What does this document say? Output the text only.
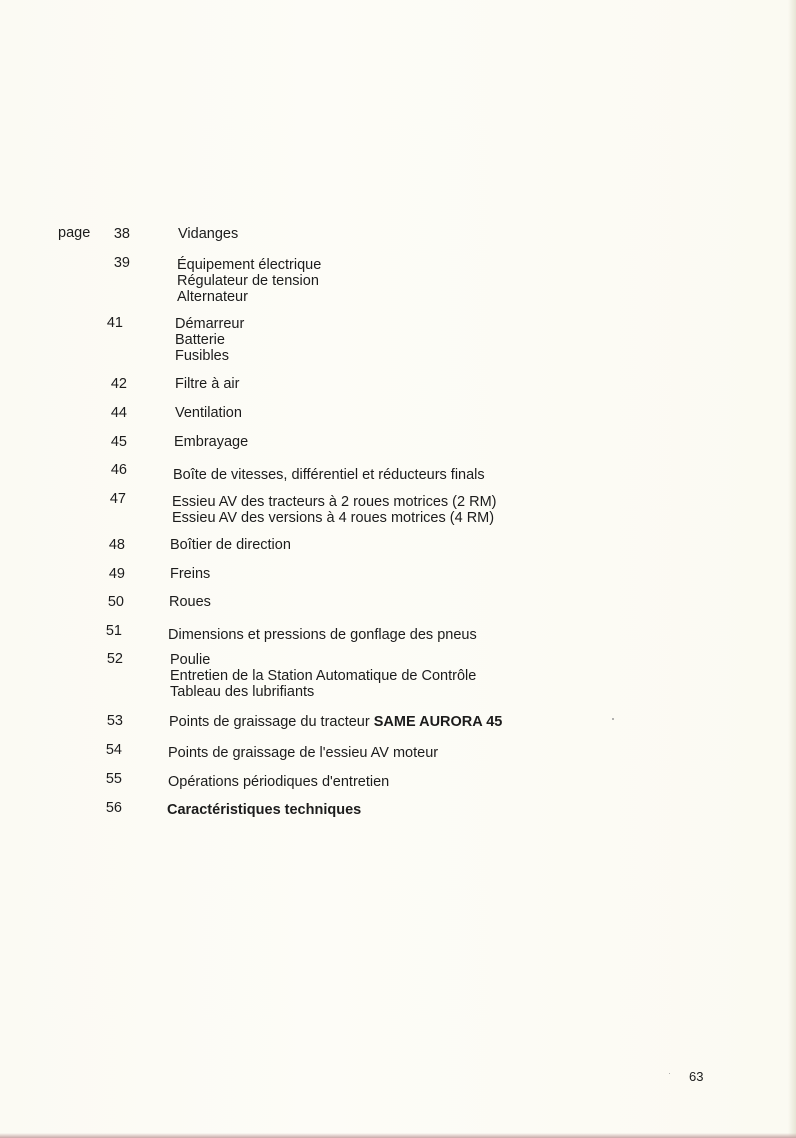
page	38	Vidanges
39	Équipement électrique
Régulateur de tension
Alternateur
41	Démarreur
Batterie
Fusibles
42	Filtre à air
44	Ventilation
45	Embrayage
46	Boîte de vitesses, différentiel et réducteurs finals
47	Essieu AV des tracteurs à 2 roues motrices (2 RM)
Essieu AV des versions à 4 roues motrices (4 RM)
48	Boîtier de direction
49	Freins
50	Roues
51	Dimensions et pressions de gonflage des pneus
52	Poulie
Entretien de la Station Automatique de Contrôle
Tableau des lubrifiants
53	Points de graissage du tracteur SAME AURORA 45
54	Points de graissage de l'essieu AV moteur
55	Opérations périodiques d'entretien
56	Caractéristiques techniques
63
